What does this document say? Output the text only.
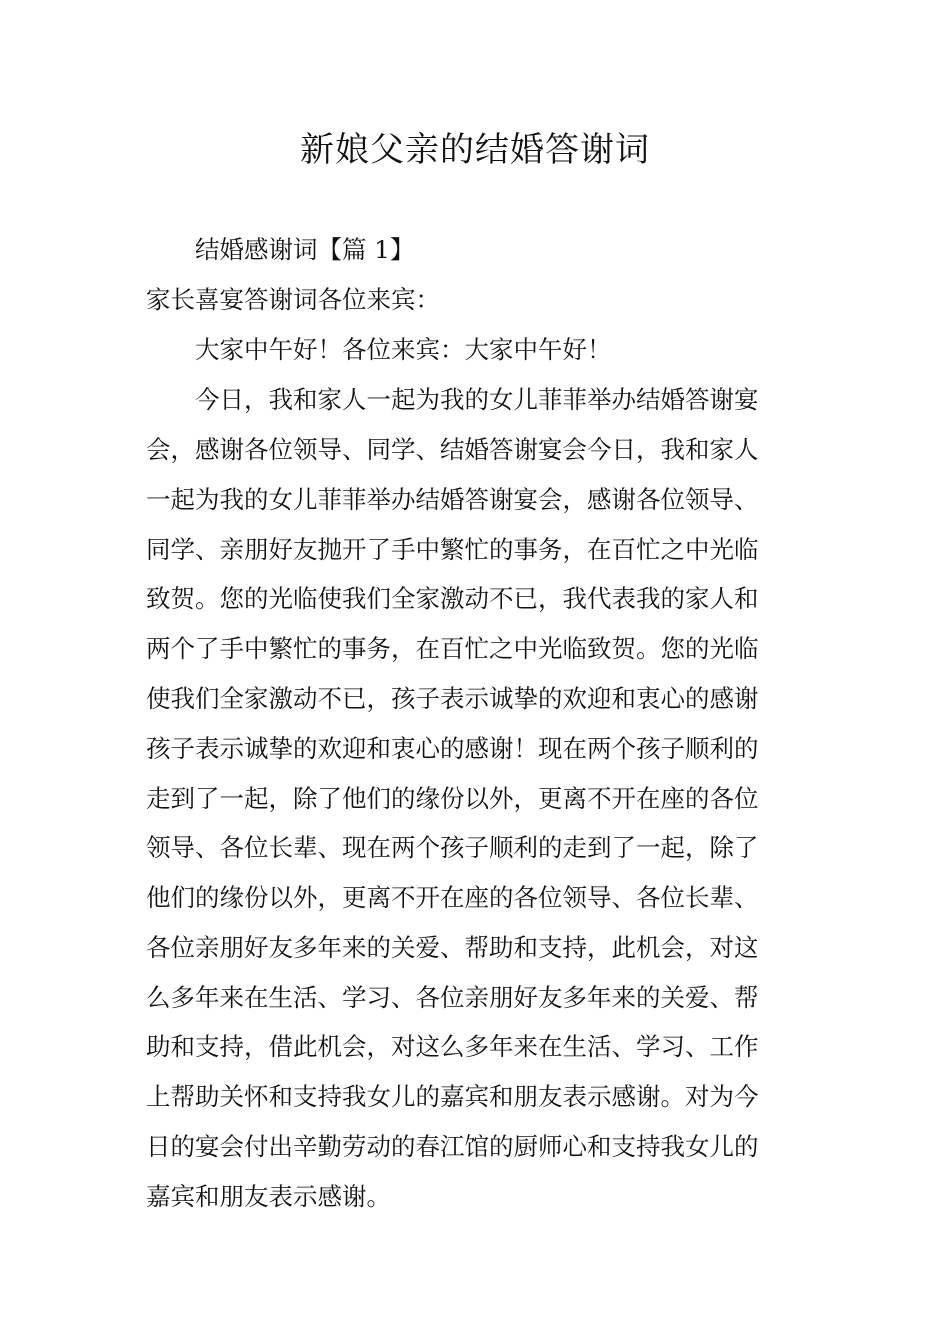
新娘父亲的结婚答谢词
结婚感谢词【篇 1】
家长喜宴答谢词各位来宾：
大家中午好！各位来宾：大家中午好！
今日，我和家人一起为我的女儿菲菲举办结婚答谢宴
会，感谢各位领导、同学、结婚答谢宴会今日，我和家人
一起为我的女儿菲菲举办结婚答谢宴会，感谢各位领导、
同学、亲朋好友抛开了手中繁忙的事务，在百忙之中光临
致贺。您的光临使我们全家激动不已，我代表我的家人和
两个了手中繁忙的事务，在百忙之中光临致贺。您的光临
使我们全家激动不已，孩子表示诚挚的欢迎和衷心的感谢
孩子表示诚挚的欢迎和衷心的感谢！现在两个孩子顺利的
走到了一起，除了他们的缘份以外，更离不开在座的各位
领导、各位长辈、现在两个孩子顺利的走到了一起，除了
他们的缘份以外，更离不开在座的各位领导、各位长辈、
各位亲朋好友多年来的关爱、帮助和支持，此机会，对这
么多年来在生活、学习、各位亲朋好友多年来的关爱、帮
助和支持，借此机会，对这么多年来在生活、学习、工作
上帮助关怀和支持我女儿的嘉宾和朋友表示感谢。对为今
日的宴会付出辛勤劳动的春江馆的厨师心和支持我女儿的
嘉宾和朋友表示感谢。
